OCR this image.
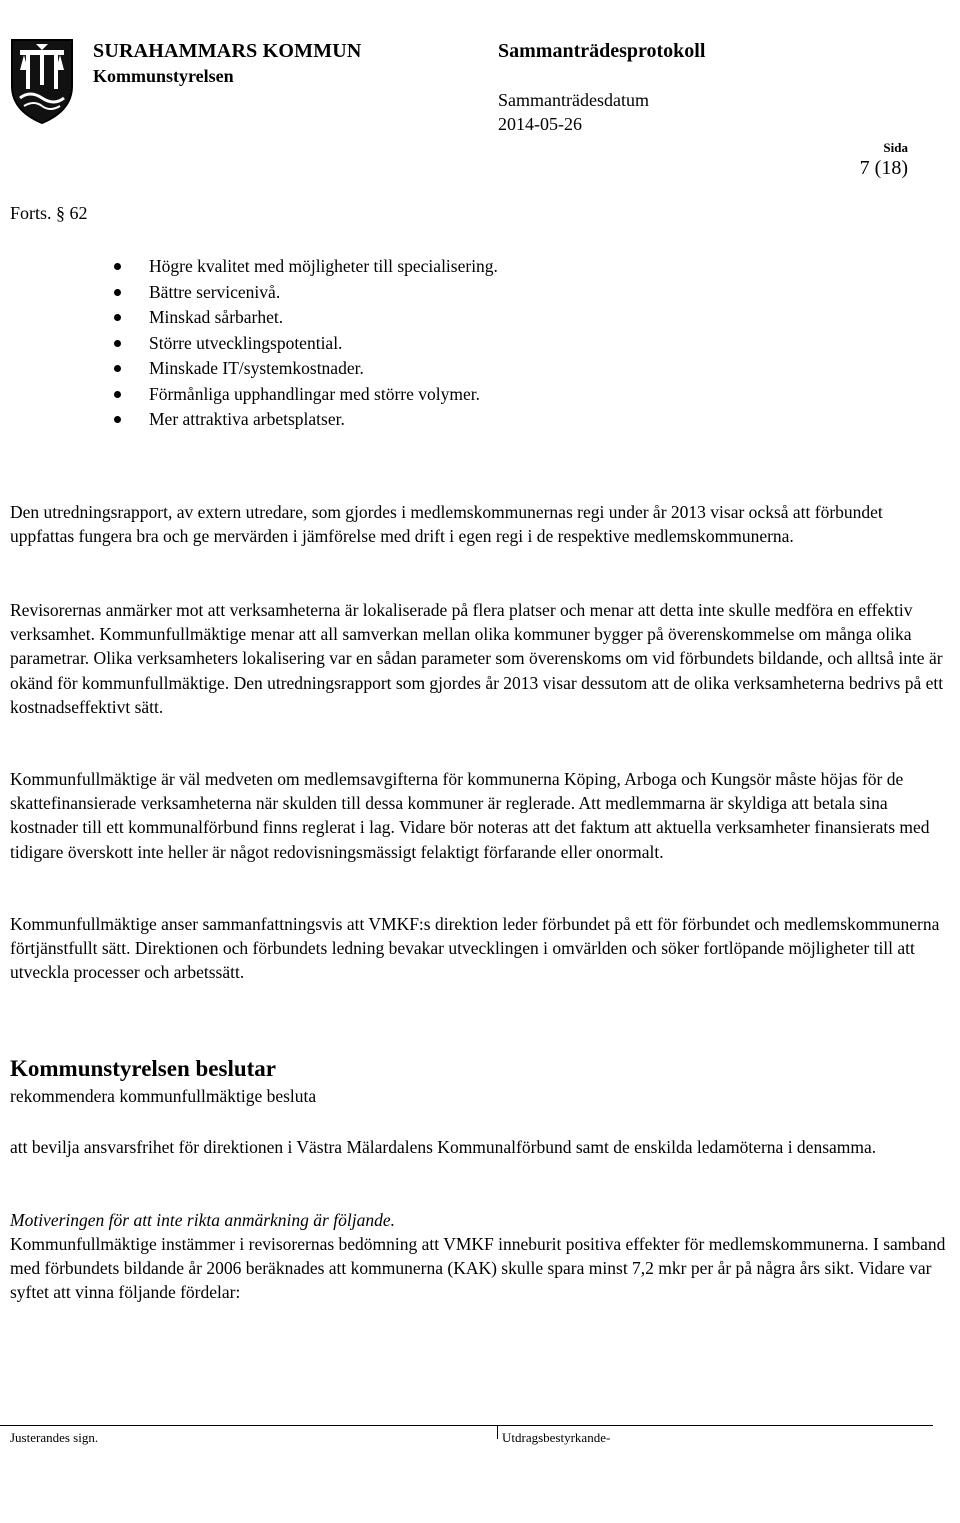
SURAHAMMARS KOMMUN
Kommunstyrelsen
Sammanträdesprotokoll
Sammanträdesdatum
2014-05-26
Sida
7 (18)
Forts. § 62
Högre kvalitet med möjligheter till specialisering.
Bättre servicenivå.
Minskad sårbarhet.
Större utvecklingspotential.
Minskade IT/systemkostnader.
Förmånliga upphandlingar med större volymer.
Mer attraktiva arbetsplatser.
Den utredningsrapport, av extern utredare, som gjordes i medlemskommunernas regi under år 2013 visar också att förbundet uppfattas fungera bra och ge mervärden i jämförelse med drift i egen regi i de respektive medlemskommunerna.
Revisorernas anmärker mot att verksamheterna är lokaliserade på flera platser och menar att detta inte skulle medföra en effektiv verksamhet. Kommunfullmäktige menar att all samverkan mellan olika kommuner bygger på överenskommelse om många olika parametrar. Olika verksamheters lokalisering var en sådan parameter som överenskoms om vid förbundets bildande, och alltså inte är okänd för kommunfullmäktige. Den utredningsrapport som gjordes år 2013 visar dessutom att de olika verksamheterna bedrivs på ett kostnadseffektivt sätt.
Kommunfullmäktige är väl medveten om medlemsavgifterna för kommunerna Köping, Arboga och Kungsör måste höjas för de skattefinansierade verksamheterna när skulden till dessa kommuner är reglerade. Att medlemmarna är skyldiga att betala sina kostnader till ett kommunalförbund finns reglerat i lag. Vidare bör noteras att det faktum att aktuella verksamheter finansierats med tidigare överskott inte heller är något redovisningsmässigt felaktigt förfarande eller onormalt.
Kommunfullmäktige anser sammanfattningsvis att VMKF:s direktion leder förbundet på ett för förbundet och medlemskommunerna förtjänstfullt sätt. Direktionen och förbundets ledning bevakar utvecklingen i omvärlden och söker fortlöpande möjligheter till att utveckla processer och arbetssätt.
Kommunstyrelsen beslutar
rekommendera kommunfullmäktige besluta
att bevilja ansvarsfrihet för direktionen i Västra Mälardalens Kommunalförbund samt de enskilda ledamöterna i densamma.
Motiveringen för att inte rikta anmärkning är följande.
Kommunfullmäktige instämmer i revisorernas bedömning att VMKF inneburit positiva effekter för medlemskommunerna. I samband med förbundets bildande år 2006 beräknades att kommunerna (KAK) skulle spara minst 7,2 mkr per år på några års sikt. Vidare var syftet att vinna följande fördelar:
Justerandes sign.	Utdragsbestyrkande-
